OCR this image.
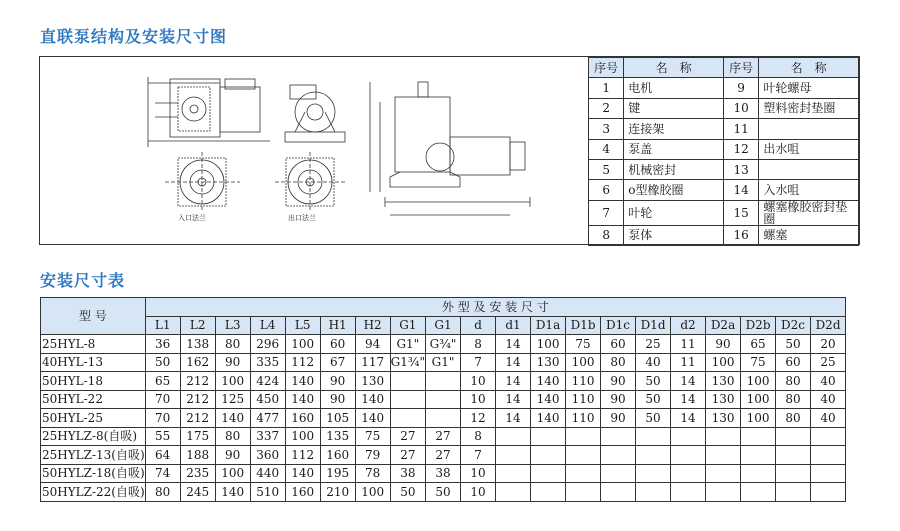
直联泵结构及安装尺寸图
入口法兰	出口法兰
序号	名　称	序号	名　称
1	电机	9	叶轮螺母
2	键	10	塑料密封垫圈
3	连接架	11	
4	泵盖	12	出水咀
5	机械密封	13	
6	o型橡胶圈	14	入水咀
7	叶轮	15	螺塞橡胶密封垫圈
8	泵体	16	螺塞
安装尺寸表
型 号	外 型 及 安 装 尺 寸																			
	L1	L2	L3	L4	L5	H1	H2	G1	G1	d	d1	D1a	D1b	D1c	D1d	d2	D2a	D2b	D2c	D2d
25HYL-8	36	138	80	296	100	60	94	G1"	G¾"	8	14	100	75	60	25	11	90	65	50	20
40HYL-13	50	162	90	335	112	67	117	G1¾"	G1"	7	14	130	100	80	40	11	100	75	60	25
50HYL-18	65	212	100	424	140	90	130			10	14	140	110	90	50	14	130	100	80	40
50HYL-22	70	212	125	450	140	90	140			10	14	140	110	90	50	14	130	100	80	40
50HYL-25	70	212	140	477	160	105	140			12	14	140	110	90	50	14	130	100	80	40
25HYLZ-8(自吸)	55	175	80	337	100	135	75	27	27	8										
25HYLZ-13(自吸)	64	188	90	360	112	160	79	27	27	7										
50HYLZ-18(自吸)	74	235	100	440	140	195	78	38	38	10										
50HYLZ-22(自吸)	80	245	140	510	160	210	100	50	50	10										
